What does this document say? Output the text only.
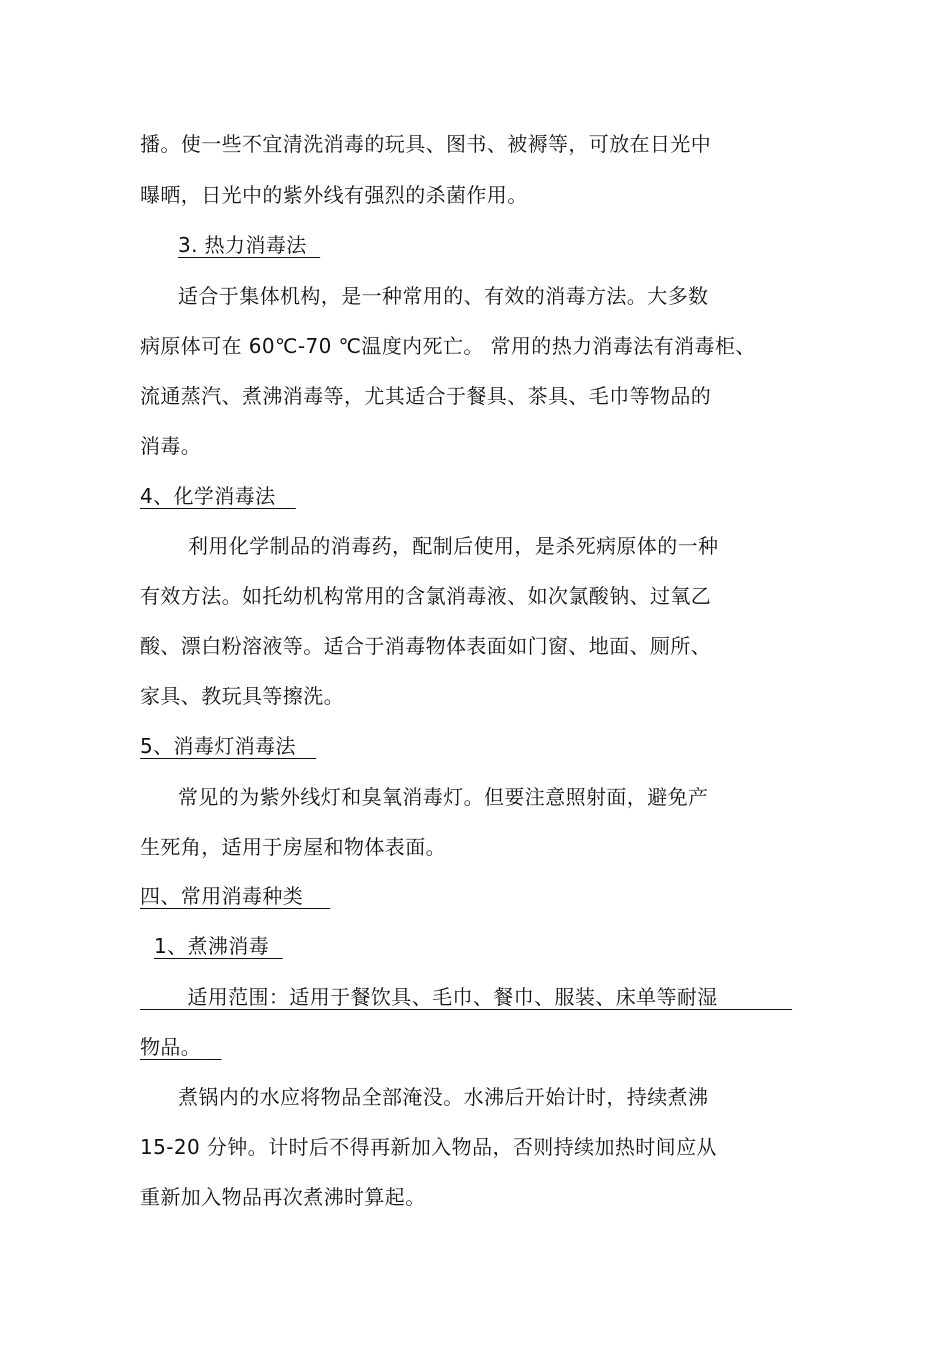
播。使一些不宜清洗消毒的玩具、图书、被褥等，可放在日光中
曝晒，日光中的紫外线有强烈的杀菌作用。
3. 热力消毒法
适合于集体机构，是一种常用的、有效的消毒方法。大多数
病原体可在 60℃-70 ℃温度内死亡。 常用的热力消毒法有消毒柜、
流通蒸汽、煮沸消毒等，尤其适合于餐具、茶具、毛巾等物品的
消毒。
4、化学消毒法
利用化学制品的消毒药，配制后使用，是杀死病原体的一种
有效方法。如托幼机构常用的含氯消毒液、如次氯酸钠、过氧乙
酸、漂白粉溶液等。适合于消毒物体表面如门窗、地面、厕所、
家具、教玩具等擦洗。
5、消毒灯消毒法
常见的为紫外线灯和臭氧消毒灯。但要注意照射面，避免产
生死角，适用于房屋和物体表面。
四、常用消毒种类
1、煮沸消毒
适用范围：适用于餐饮具、毛巾、餐巾、服装、床单等耐湿
物品。
煮锅内的水应将物品全部淹没。水沸后开始计时，持续煮沸
15-20 分钟。计时后不得再新加入物品，否则持续加热时间应从
重新加入物品再次煮沸时算起。
